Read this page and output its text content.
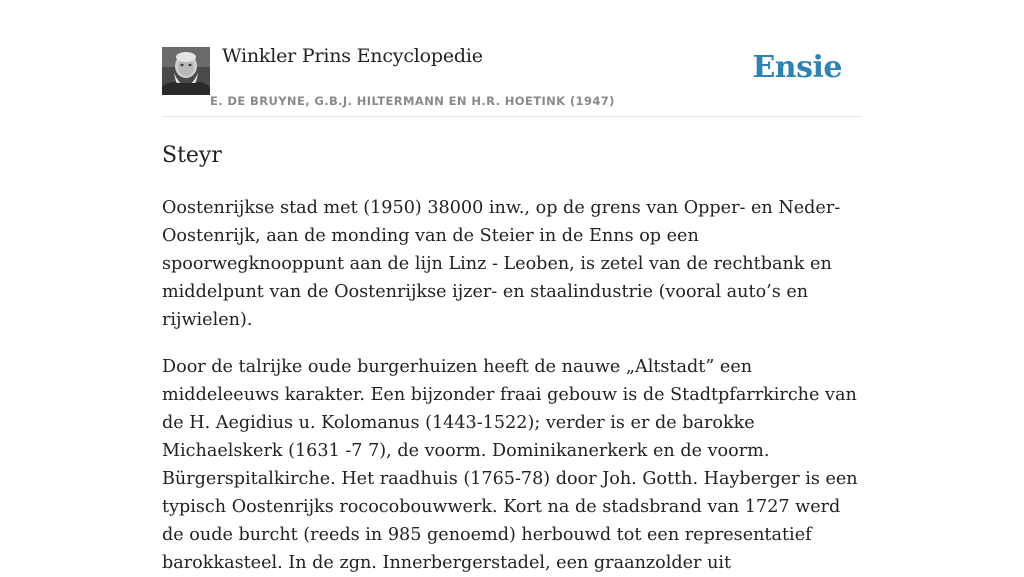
Winkler Prins Encyclopedie	Ensie
E. DE BRUYNE, G.B.J. HILTERMANN EN H.R. HOETINK (1947)
Steyr

Oostenrijkse stad met (1950) 38000 inw., op de grens van Opper- en Neder-Oostenrijk, aan de monding van de Steier in de Enns op een spoorwegknooppunt aan de lijn Linz - Leoben, is zetel van de rechtbank en middelpunt van de Oostenrijkse ijzer- en staalindustrie (vooral auto’s en rijwielen).

Door de talrijke oude burgerhuizen heeft de nauwe „Altstadt” een middeleeuws karakter. Een bijzonder fraai gebouw is de Stadtpfarrkirche van de H. Aegidius u. Kolomanus (1443-1522); verder is er de barokke Michaelskerk (1631 -7 7), de voorm. Dominikanerkerk en de voorm. Bürgerspitalkirche. Het raadhuis (1765-78) door Joh. Gotth. Hayberger is een typisch Oostenrijks rococobouwwerk. Kort na de stadsbrand van 1727 werd de oude burcht (reeds in 985 genoemd) herbouwd tot een representatief barokkasteel. In de zgn. Innerbergerstadel, een graanzolder uit
